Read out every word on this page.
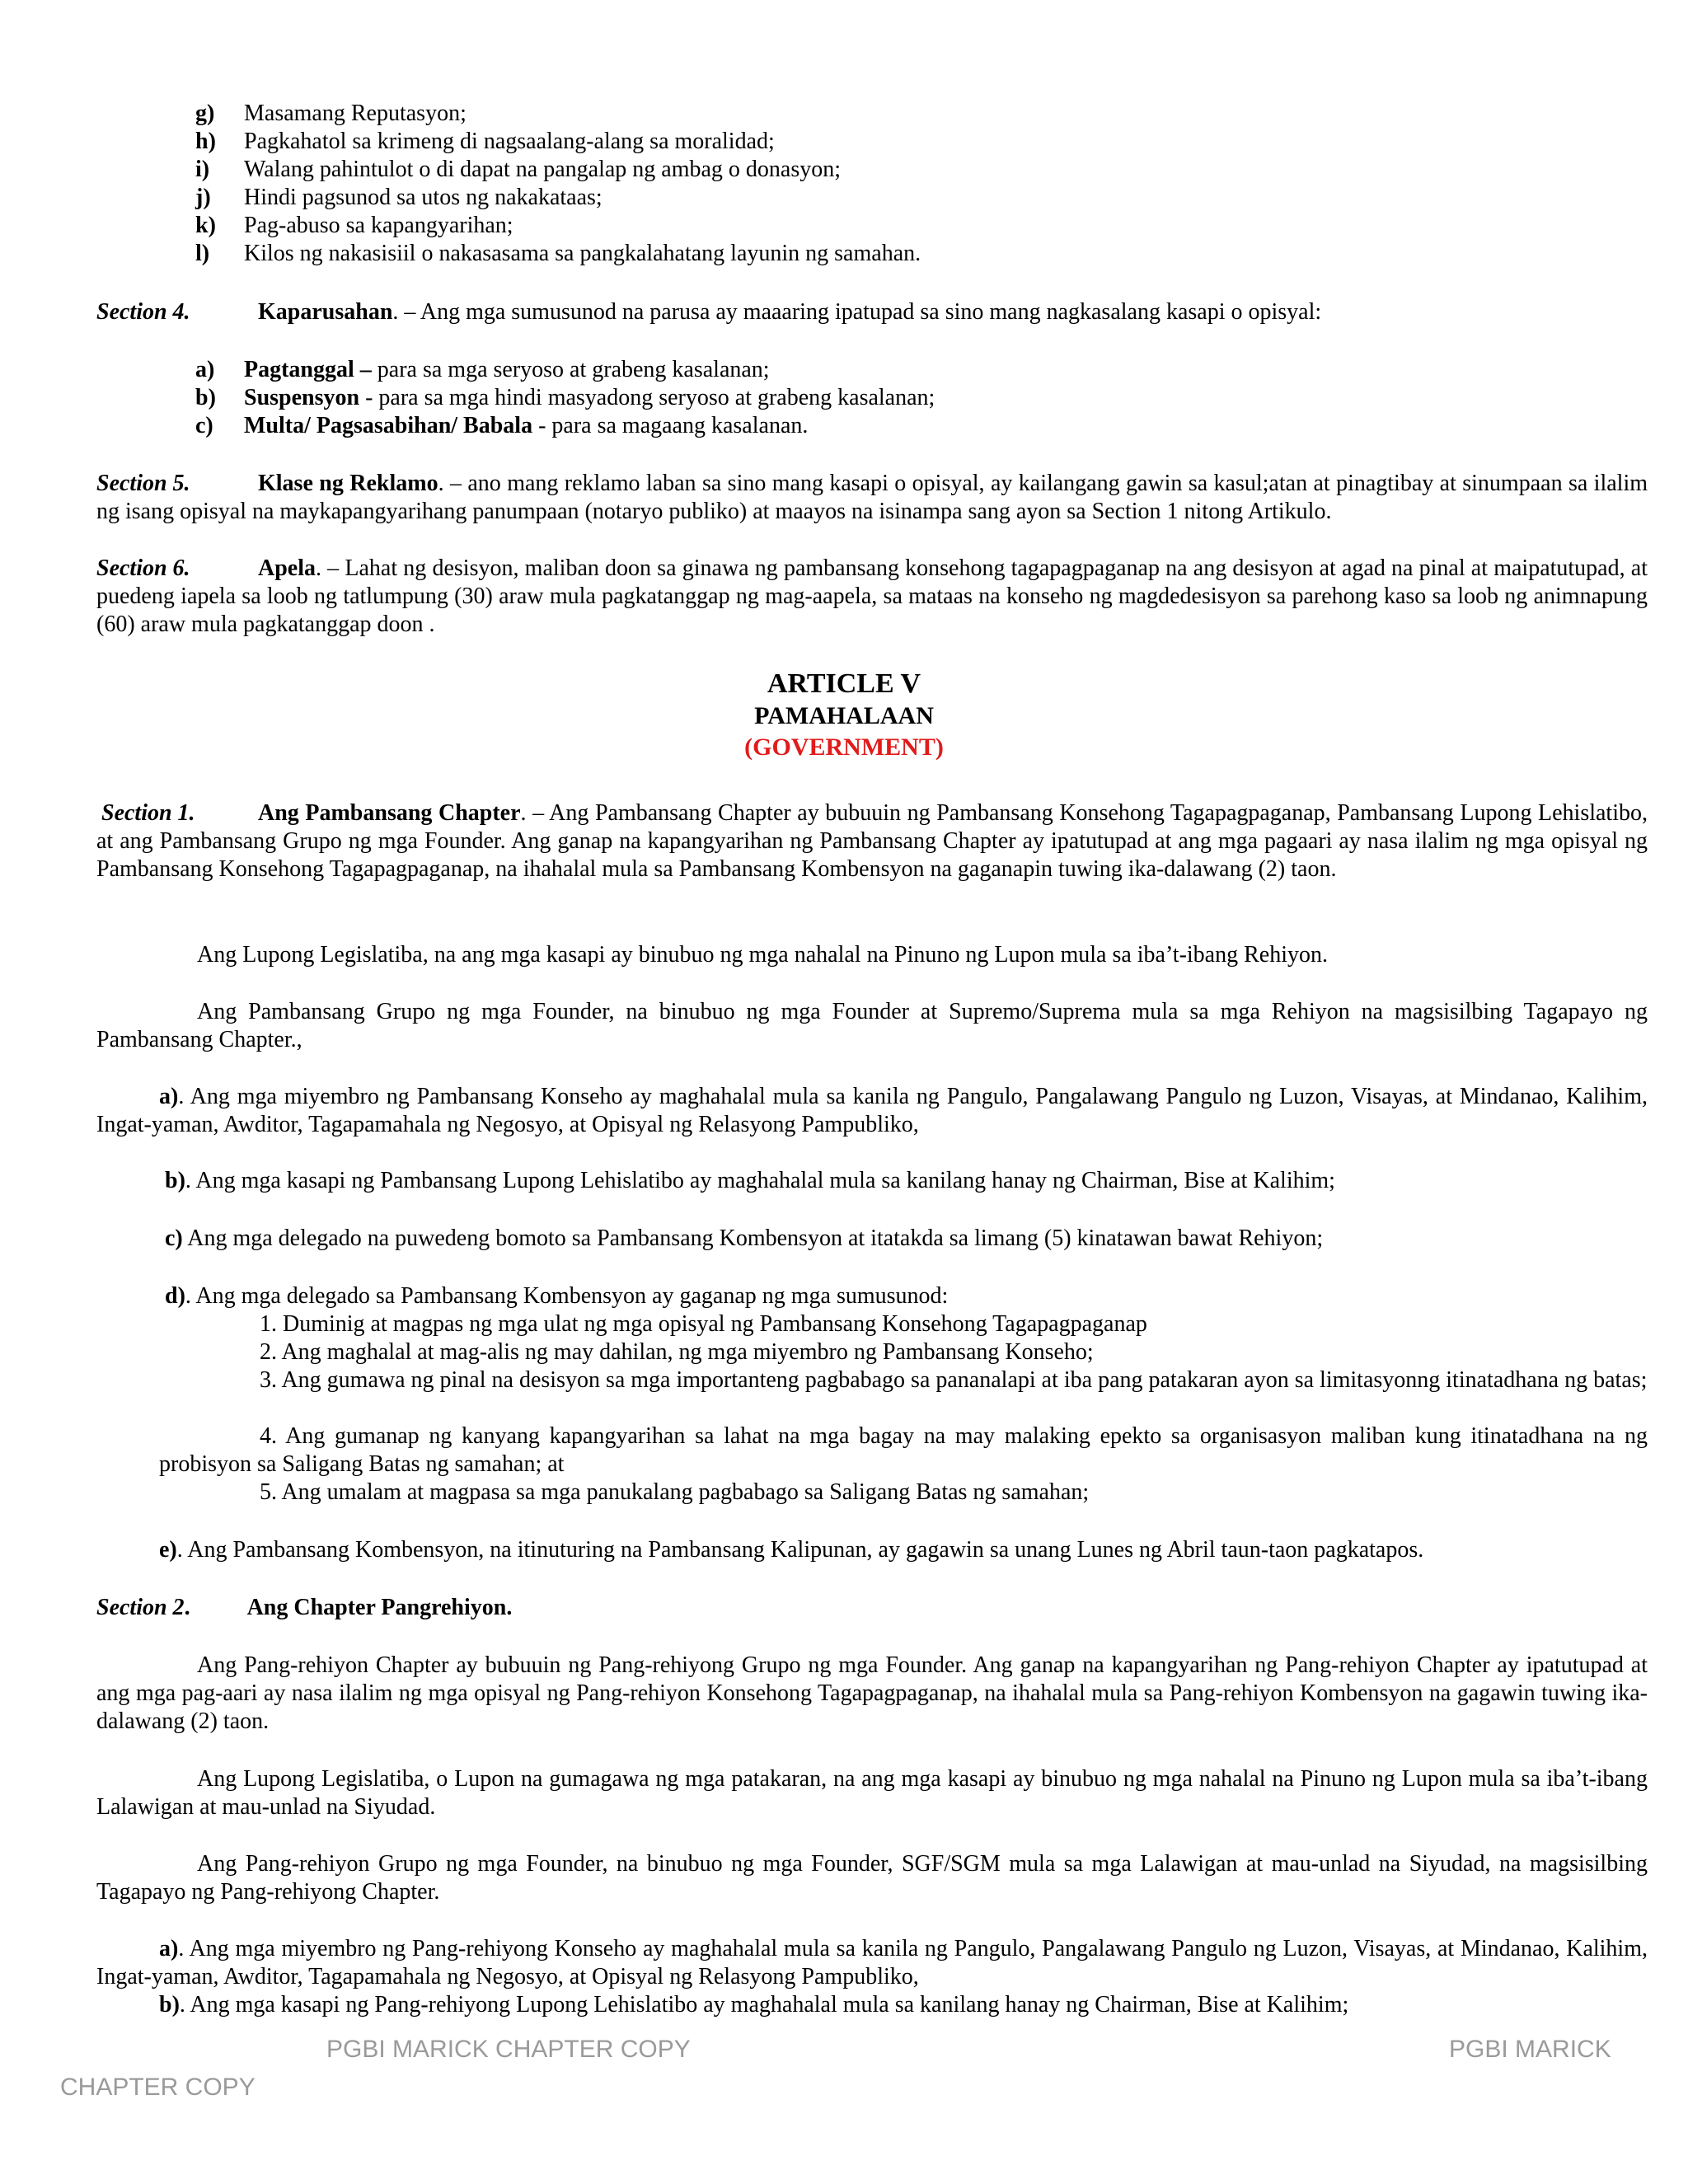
g) Masamang Reputasyon;
h) Pagkahatol sa krimeng di nagsaalang-alang sa moralidad;
i) Walang pahintulot o di dapat na pangalap ng ambag o donasyon;
j) Hindi pagsunod sa utos ng nakakataas;
k) Pag-abuso sa kapangyarihan;
l) Kilos ng nakasisiil o nakasasama sa pangkalahatang layunin ng samahan.
Section 4.	Kaparusahan. – Ang mga sumusunod na parusa ay maaaring ipatupad sa sino mang nagkasalang kasapi o opisyal:
a) Pagtanggal – para sa mga seryoso at grabeng kasalanan;
b) Suspensyon - para sa mga hindi masyadong seryoso at grabeng kasalanan;
c) Multa/ Pagsasabihan/ Babala - para sa magaang kasalanan.
Section 5.	Klase ng Reklamo. – ano mang reklamo laban sa sino mang kasapi o opisyal, ay kailangang gawin sa kasul;atan at pinagtibay at sinumpaan sa ilalim ng isang opisyal na maykapangyarihang panumpaan (notaryo publiko) at maayos na isinampa sang ayon sa Section 1 nitong Artikulo.
Section 6.	Apela. – Lahat ng desisyon, maliban doon sa ginawa ng pambansang konsehong tagapagpaganap na ang desisyon at agad na pinal at maipatutupad, at puedeng iapela sa loob ng tatlumpung (30) araw mula pagkatanggap ng mag-aapela, sa mataas na konseho ng magdedesisyon sa parehong kaso sa loob ng animnapung (60) araw mula pagkatanggap doon .
ARTICLE V
PAMAHALAAN
(GOVERNMENT)
Section 1.	Ang Pambansang Chapter. – Ang Pambansang Chapter ay bubuuin ng Pambansang Konsehong Tagapagpaganap, Pambansang Lupong Lehislatibo, at ang Pambansang Grupo ng mga Founder. Ang ganap na kapangyarihan ng Pambansang Chapter ay ipatutupad at ang mga pagaari ay nasa ilalim ng mga opisyal ng Pambansang Konsehong Tagapagpaganap, na ihahalal mula sa Pambansang Kombensyon na gaganapin tuwing ika-dalawang (2) taon.
Ang Lupong Legislatiba, na ang mga kasapi ay binubuo ng mga nahalal na Pinuno ng Lupon mula sa iba’t-ibang Rehiyon.
Ang Pambansang Grupo ng mga Founder, na binubuo ng mga Founder at Supremo/Suprema mula sa mga Rehiyon na magsisilbing Tagapayo ng Pambansang Chapter.,
a). Ang mga miyembro ng Pambansang Konseho ay maghahalal mula sa kanila ng Pangulo, Pangalawang Pangulo ng Luzon, Visayas, at Mindanao, Kalihim, Ingat-yaman, Awditor, Tagapamahala ng Negosyo, at Opisyal ng Relasyong Pampubliko,
b). Ang mga kasapi ng Pambansang Lupong Lehislatibo ay maghahalal mula sa kanilang hanay ng Chairman, Bise at Kalihim;
c) Ang mga delegado na puwedeng bomoto sa Pambansang Kombensyon at itatakda sa limang (5) kinatawan bawat Rehiyon;
d). Ang mga delegado sa Pambansang Kombensyon ay gaganap ng mga sumusunod:
1. Duminig at magpas ng mga ulat ng mga opisyal ng Pambansang Konsehong Tagapagpaganap
2. Ang maghalal at mag-alis ng may dahilan, ng mga miyembro ng Pambansang Konseho;
3. Ang gumawa ng pinal na desisyon sa mga importanteng pagbabago sa pananalapi at iba pang patakaran ayon sa limitasyonng itinatadhana ng batas;
4. Ang gumanap ng kanyang kapangyarihan sa lahat na mga bagay na may malaking epekto sa organisasyon maliban kung itinatadhana na ng probisyon sa Saligang Batas ng samahan; at
5. Ang umalam at magpasa sa mga panukalang pagbabago sa Saligang Batas ng samahan;
e). Ang Pambansang Kombensyon, na itinuturing na Pambansang Kalipunan, ay gagawin sa unang Lunes ng Abril taun-taon pagkatapos.
Section 2. Ang Chapter Pangrehiyon.
Ang Pang-rehiyon Chapter ay bubuuin ng Pang-rehiyong Grupo ng mga Founder. Ang ganap na kapangyarihan ng Pang-rehiyon Chapter ay ipatutupad at ang mga pag-aari ay nasa ilalim ng mga opisyal ng Pang-rehiyon Konsehong Tagapagpaganap, na ihahalal mula sa Pang-rehiyon Kombensyon na gagawin tuwing ika-dalawang (2) taon.
Ang Lupong Legislatiba, o Lupon na gumagawa ng mga patakaran, na ang mga kasapi ay binubuo ng mga nahalal na Pinuno ng Lupon mula sa iba’t-ibang Lalawigan at mau-unlad na Siyudad.
Ang Pang-rehiyon Grupo ng mga Founder, na binubuo ng mga Founder, SGF/SGM mula sa mga Lalawigan at mau-unlad na Siyudad, na magsisilbing Tagapayo ng Pang-rehiyong Chapter.
a). Ang mga miyembro ng Pang-rehiyong Konseho ay maghahalal mula sa kanila ng Pangulo, Pangalawang Pangulo ng Luzon, Visayas, at Mindanao, Kalihim, Ingat-yaman, Awditor, Tagapamahala ng Negosyo, at Opisyal ng Relasyong Pampubliko,
b). Ang mga kasapi ng Pang-rehiyong Lupong Lehislatibo ay maghahalal mula sa kanilang hanay ng Chairman, Bise at Kalihim;
PGBI MARICK CHAPTER COPY	PGBI MARICK
CHAPTER COPY
